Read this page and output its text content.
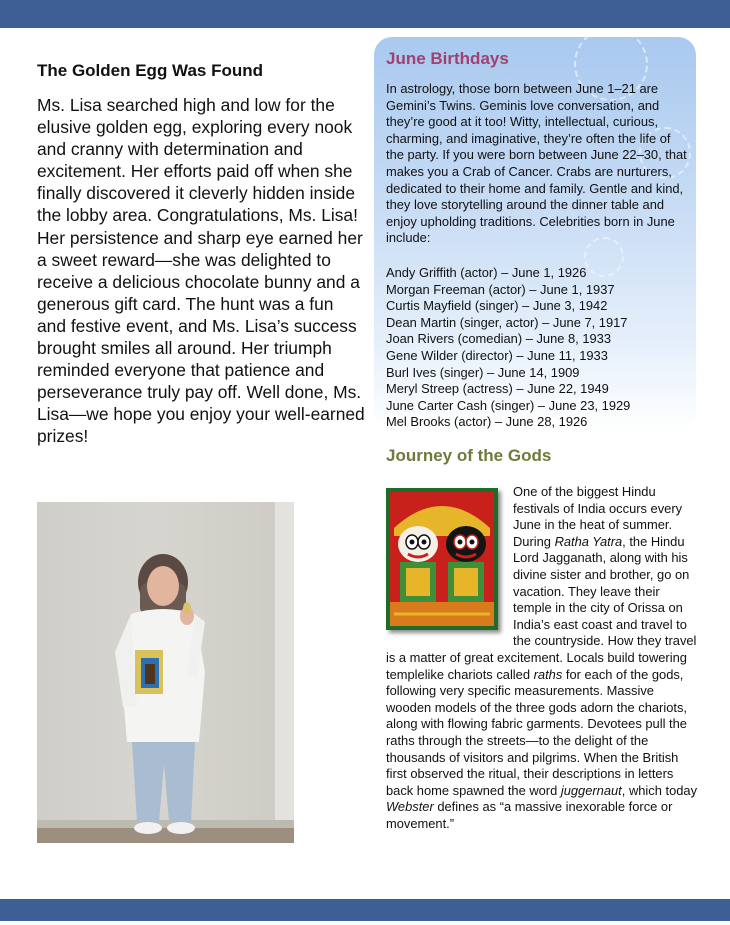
The Golden Egg Was Found

Ms. Lisa searched high and low for the elusive golden egg, exploring every nook and cranny with determination and excitement. Her efforts paid off when she finally discovered it cleverly hidden inside the lobby area. Congratulations, Ms. Lisa! Her persistence and sharp eye earned her a sweet reward—she was delighted to receive a delicious chocolate bunny and a generous gift card. The hunt was a fun and festive event, and Ms. Lisa’s success brought smiles all around. Her triumph reminded everyone that patience and perseverance truly pay off. Well done, Ms. Lisa—we hope you enjoy your well-earned prizes!

June Birthdays

In astrology, those born between June 1–21 are Gemini’s Twins. Geminis love conversation, and they’re good at it too! Witty, intellectual, curious, charming, and imaginative, they’re often the life of the party. If you were born between June 22–30, that makes you a Crab of Cancer. Crabs are nurturers, dedicated to their home and family. Gentle and kind, they love storytelling around the dinner table and enjoy upholding traditions. Celebrities born in June include:

Andy Griffith (actor) – June 1, 1926
Morgan Freeman (actor) – June 1, 1937
Curtis Mayfield (singer) – June 3, 1942
Dean Martin (singer, actor) – June 7, 1917
Joan Rivers (comedian) – June 8, 1933
Gene Wilder (director) – June 11, 1933
Burl Ives (singer) – June 14, 1909
Meryl Streep (actress) – June 22, 1949
June Carter Cash (singer) – June 23, 1929
Mel Brooks (actor) – June 28, 1926
Journey of the Gods

One of the biggest Hindu festivals of India occurs every June in the heat of summer. During Ratha Yatra, the Hindu Lord Jagganath, along with his divine sister and brother, go on vacation. They leave their temple in the city of Orissa on India’s east coast and travel to the countryside. How they travel is a matter of great excitement. Locals build towering templelike chariots called raths for each of the gods, following very specific measurements. Massive wooden models of the three gods adorn the chariots, along with flowing fabric garments. Devotees pull the raths through the streets—to the delight of the thousands of visitors and pilgrims. When the British first observed the ritual, their descriptions in letters back home spawned the word juggernaut, which today Webster defines as “a massive inexorable force or movement.”
